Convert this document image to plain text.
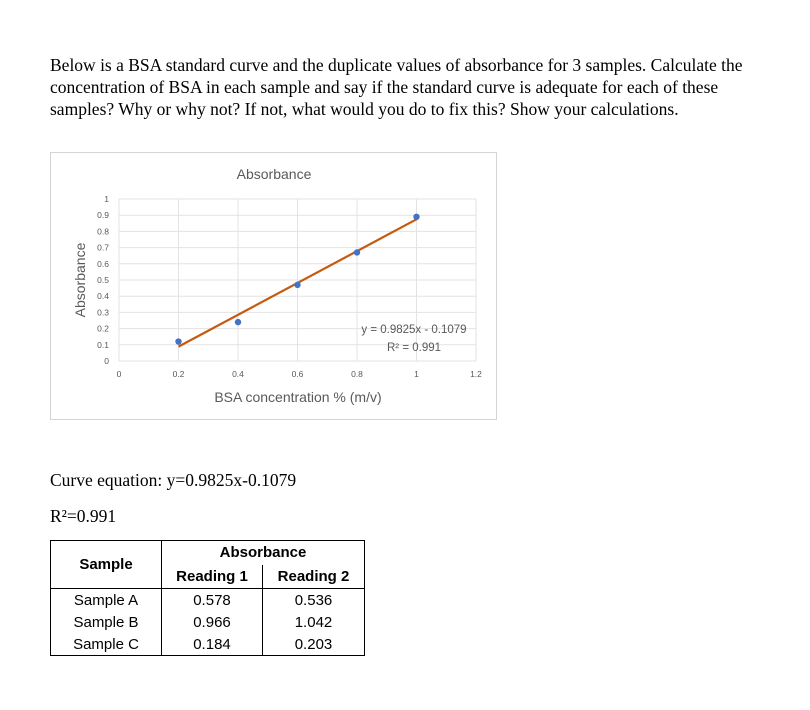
Below is a BSA standard curve and the duplicate values of absorbance for 3 samples. Calculate the concentration of BSA in each sample and say if the standard curve is adequate for each of these samples? Why or why not? If not, what would you do to fix this? Show your calculations.

0
0.1
0.2
0.3
0.4
0.5
0.6
0.7
0.8
0.9
1
0	0.2	0.4	0.6	0.8	1	1.2
Absorbance
BSA concentration % (m/v)
Absorbance
y = 0.9825x - 0.1079
R² = 0.991

Curve equation: y=0.9825x-0.1079

R²=0.991

Sample	Absorbance	
	Reading 1	Reading 2
Sample A	0.578	0.536
Sample B	0.966	1.042
Sample C	0.184	0.203
